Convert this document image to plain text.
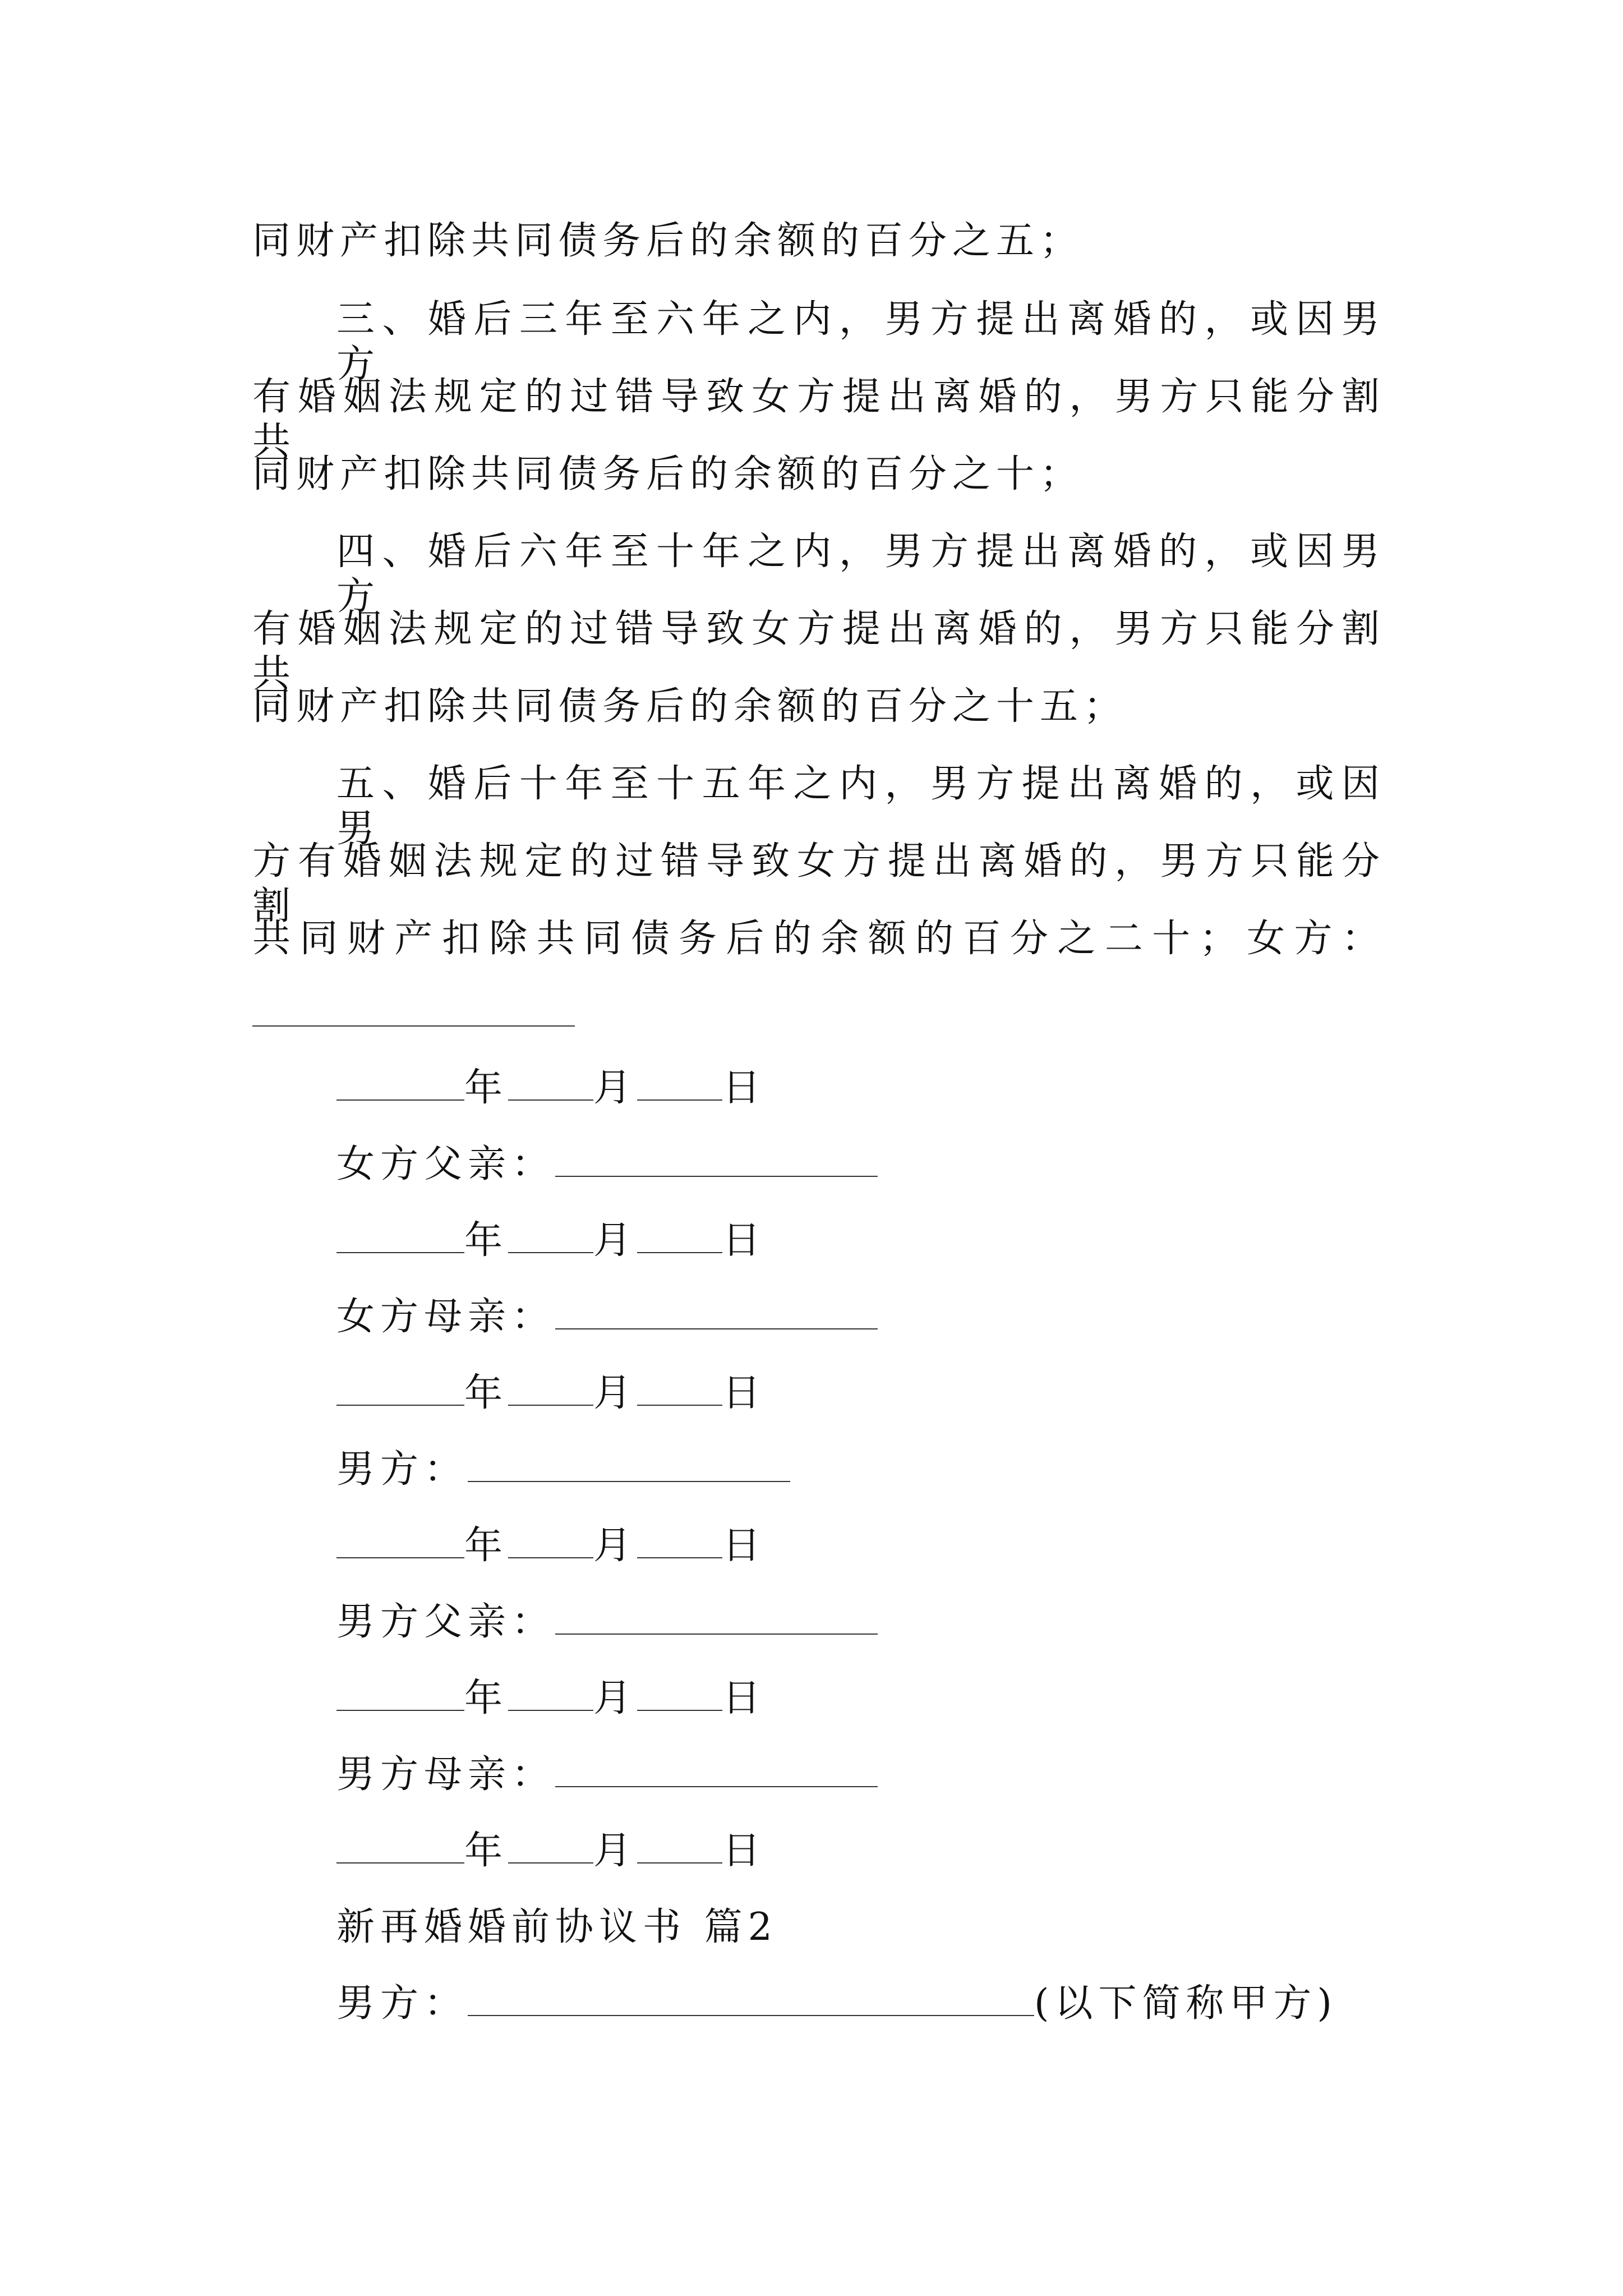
同财产扣除共同债务后的余额的百分之五；
三、婚后三年至六年之内，男方提出离婚的，或因男方
有婚姻法规定的过错导致女方提出离婚的，男方只能分割共
同财产扣除共同债务后的余额的百分之十；
四、婚后六年至十年之内，男方提出离婚的，或因男方
有婚姻法规定的过错导致女方提出离婚的，男方只能分割共
同财产扣除共同债务后的余额的百分之十五；
五、婚后十年至十五年之内，男方提出离婚的，或因男
方有婚姻法规定的过错导致女方提出离婚的，男方只能分割
共同财产扣除共同债务后的余额的百分之二十；女方：
年 月 日
女方父亲：
年 月 日
女方母亲：
年 月 日
男方：
年 月 日
男方父亲：
年 月 日
男方母亲：
年 月 日
新再婚婚前协议书 篇2
男方：	(以下简称甲方)
